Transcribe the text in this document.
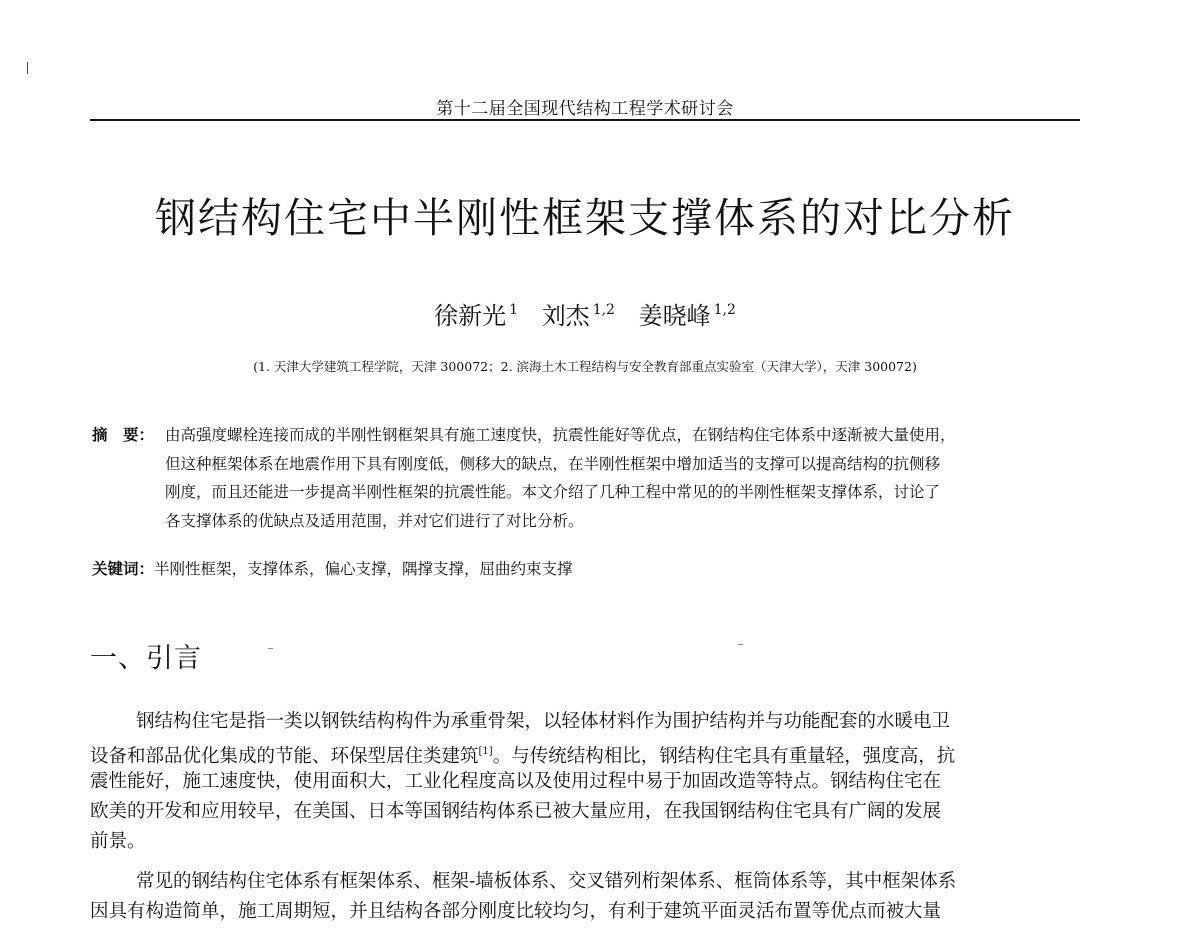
第十二届全国现代结构工程学术研讨会
钢结构住宅中半刚性框架支撑体系的对比分析
徐新光 $^1$ 刘杰 $^{1,2}$ 姜晓峰 $^{1,2}$
(1. 天津大学建筑工程学院，天津 300072；2. 滨海土木工程结构与安全教育部重点实验室（天津大学），天津 300072)
摘　要： 由高强度螺栓连接而成的半刚性钢框架具有施工速度快，抗震性能好等优点，在钢结构住宅体系中逐渐被大量使用，
但这种框架体系在地震作用下具有刚度低，侧移大的缺点，在半刚性框架中增加适当的支撑可以提高结构的抗侧移
刚度，而且还能进一步提高半刚性框架的抗震性能。本文介绍了几种工程中常见的的半刚性框架支撑体系，讨论了
各支撑体系的优缺点及适用范围，并对它们进行了对比分析。
关键词：半刚性框架，支撑体系，偏心支撑，隅撑支撑，屈曲约束支撑
一、引言
钢结构住宅是指一类以钢铁结构构件为承重骨架，以轻体材料作为围护结构并与功能配套的水暖电卫
设备和部品优化集成的节能、环保型居住类建筑[1]。与传统结构相比，钢结构住宅具有重量轻，强度高，抗
震性能好，施工速度快，使用面积大，工业化程度高以及使用过程中易于加固改造等特点。钢结构住宅在
欧美的开发和应用较早，在美国、日本等国钢结构体系已被大量应用，在我国钢结构住宅具有广阔的发展
前景。
常见的钢结构住宅体系有框架体系、框架-墙板体系、交叉错列桁架体系、框筒体系等，其中框架体系
因具有构造简单，施工周期短，并且结构各部分刚度比较均匀，有利于建筑平面灵活布置等优点而被大量
